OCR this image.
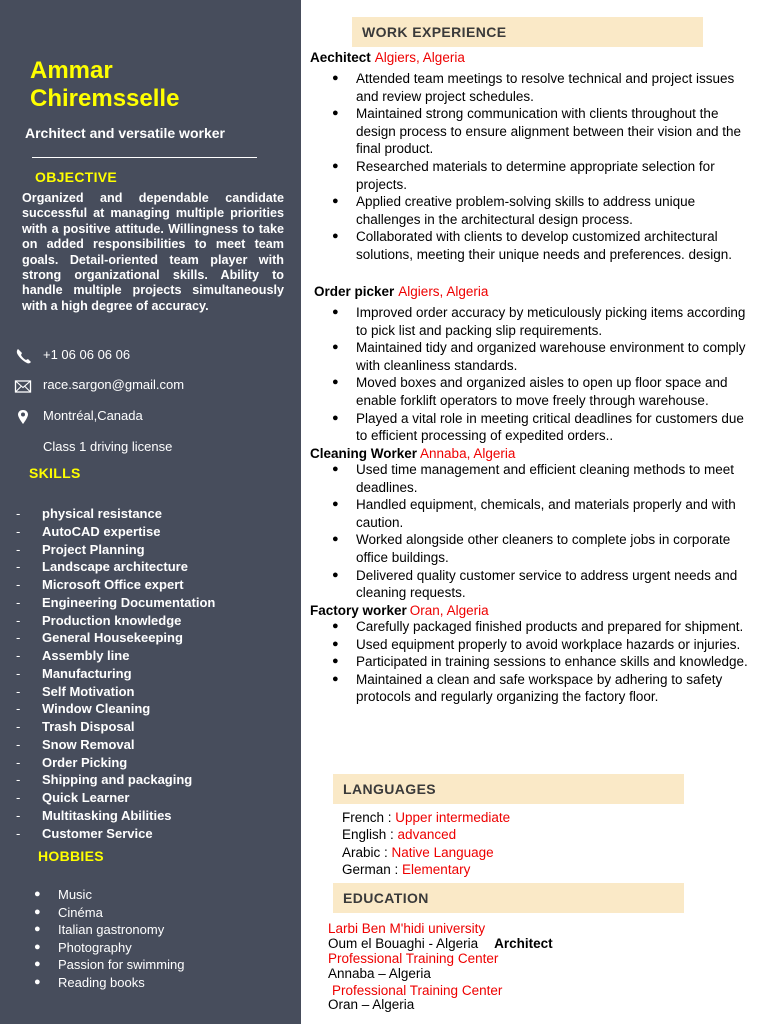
Ammar
Chiremsselle
Architect and versatile worker
OBJECTIVE
Organized and dependable candidate successful at managing multiple priorities with a positive attitude. Willingness to take on added responsibilities to meet team goals. Detail-oriented team player with strong organizational skills. Ability to handle multiple projects simultaneously with a high degree of accuracy.
+1 06 06 06 06
race.sargon@gmail.com
Montréal,Canada
Class 1 driving license
SKILLS
- physical resistance
- AutoCAD expertise
- Project Planning
- Landscape architecture
- Microsoft Office expert
- Engineering Documentation
- Production knowledge
- General Housekeeping
- Assembly line
- Manufacturing
- Self Motivation
- Window Cleaning
- Trash Disposal
- Snow Removal
- Order Picking
- Shipping and packaging
- Quick Learner
- Multitasking Abilities
- Customer Service
HOBBIES
● Music
● Cinéma
● Italian gastronomy
● Photography
● Passion for swimming
● Reading books
WORK EXPERIENCE
Aechitect Algiers, Algeria
● Attended team meetings to resolve technical and project issues and review project schedules.
● Maintained strong communication with clients throughout the design process to ensure alignment between their vision and the final product.
● Researched materials to determine appropriate selection for projects.
● Applied creative problem-solving skills to address unique challenges in the architectural design process.
● Collaborated with clients to develop customized architectural solutions, meeting their unique needs and preferences. design.
Order picker Algiers, Algeria
● Improved order accuracy by meticulously picking items according to pick list and packing slip requirements.
● Maintained tidy and organized warehouse environment to comply with cleanliness standards.
● Moved boxes and organized aisles to open up floor space and enable forklift operators to move freely through warehouse.
● Played a vital role in meeting critical deadlines for customers due to efficient processing of expedited orders..
Cleaning Worker Annaba, Algeria
● Used time management and efficient cleaning methods to meet deadlines.
● Handled equipment, chemicals, and materials properly and with caution.
● Worked alongside other cleaners to complete jobs in corporate office buildings.
● Delivered quality customer service to address urgent needs and cleaning requests.
Factory worker Oran, Algeria
● Carefully packaged finished products and prepared for shipment.
● Used equipment properly to avoid workplace hazards or injuries.
● Participated in training sessions to enhance skills and knowledge.
● Maintained a clean and safe workspace by adhering to safety protocols and regularly organizing the factory floor.
LANGUAGES
French : Upper intermediate
English : advanced
Arabic : Native Language
German : Elementary
EDUCATION
Larbi Ben M'hidi university
Oum el Bouaghi - Algeria Architect
Professional Training Center
Annaba – Algeria
Professional Training Center
Oran – Algeria
